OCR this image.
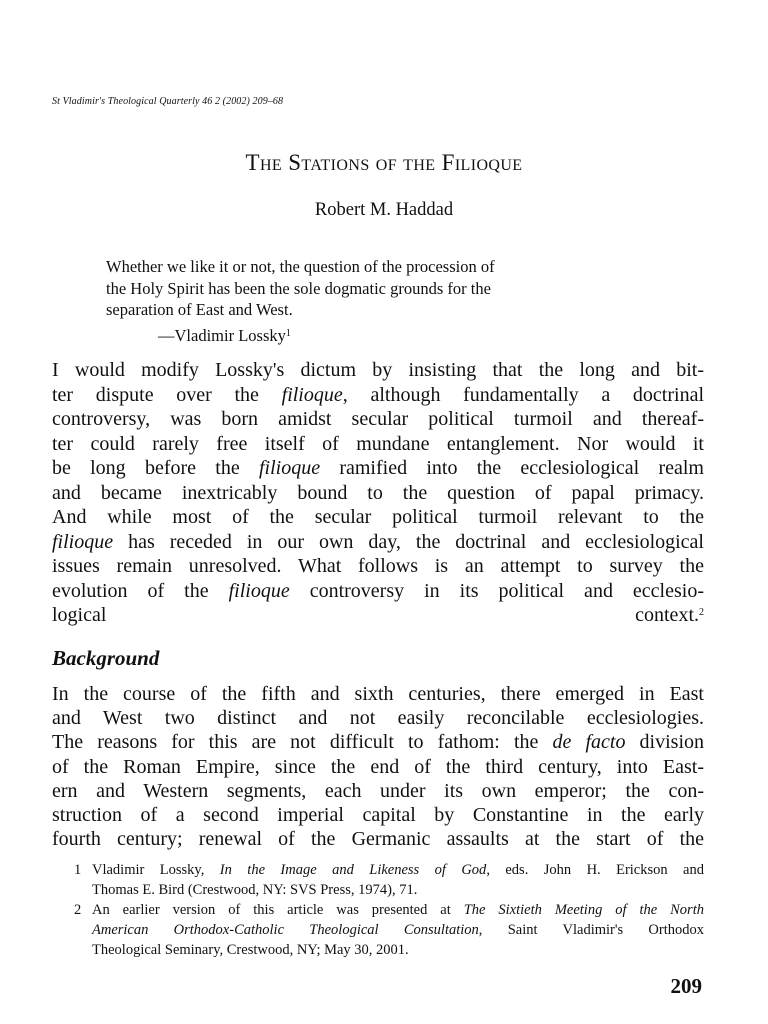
St Vladimir's Theological Quarterly 46 2 (2002) 209–68
The Stations of the Filioque
Robert M. Haddad

Whether we like it or not, the question of the procession of

the Holy Spirit has been the sole dogmatic grounds for the

separation of East and West.

—Vladimir Lossky$^1$

I would modify Lossky's dictum by insisting that the long and bit-
ter dispute over the filioque, although fundamentally a doctrinal
controversy, was born amidst secular political turmoil and thereaf-
ter could rarely free itself of mundane entanglement. Nor would it
be long before the filioque ramified into the ecclesiological realm
and became inextricably bound to the question of papal primacy.
And while most of the secular political turmoil relevant to the
filioque has receded in our own day, the doctrinal and ecclesiological
issues remain unresolved. What follows is an attempt to survey the
evolution of the filioque controversy in its political and ecclesio-
logical context.$^2$
Background
In the course of the fifth and sixth centuries, there emerged in East
and West two distinct and not easily reconcilable ecclesiologies.
The reasons for this are not difficult to fathom: the de facto division
of the Roman Empire, since the end of the third century, into East-
ern and Western segments, each under its own emperor; the con-
struction of a second imperial capital by Constantine in the early
fourth century; renewal of the Germanic assaults at the start of the
1 Vladimir Lossky, In the Image and Likeness of God, eds. John H. Erickson and
Thomas E. Bird (Crestwood, NY: SVS Press, 1974), 71.
2 An earlier version of this article was presented at The Sixtieth Meeting of the North
American Orthodox-Catholic Theological Consultation, Saint Vladimir's Orthodox
Theological Seminary, Crestwood, NY; May 30, 2001.
209
